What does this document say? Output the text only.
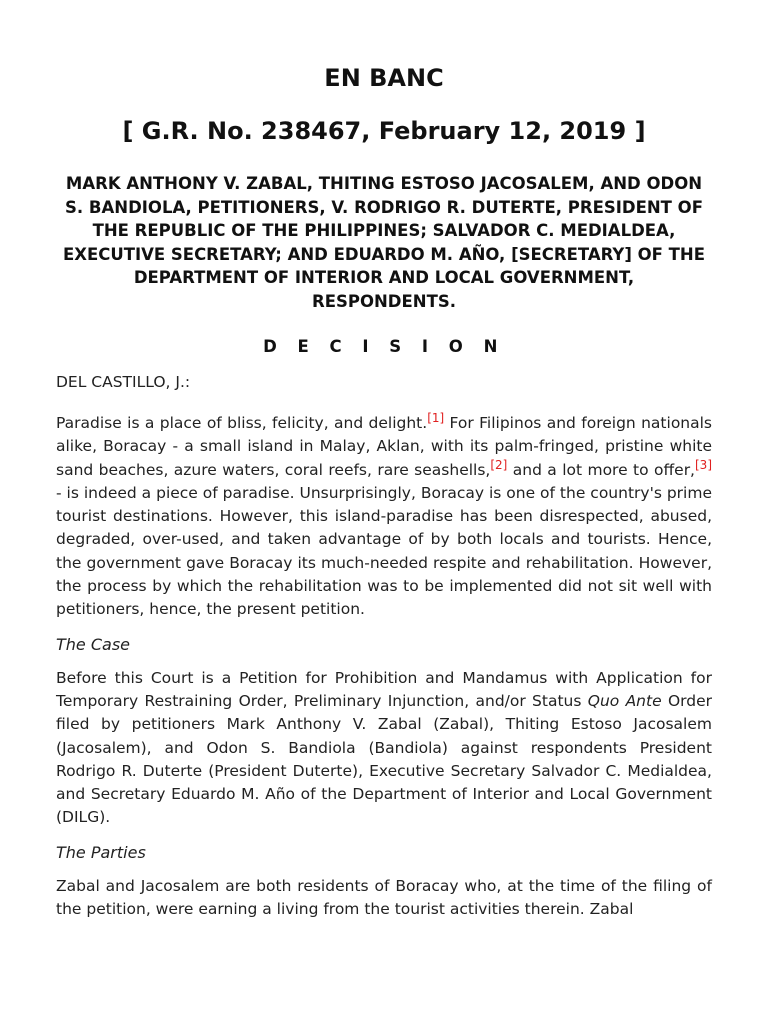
EN BANC
[ G.R. No. 238467, February 12, 2019 ]
MARK ANTHONY V. ZABAL, THITING ESTOSO JACOSALEM, AND ODON S. BANDIOLA, PETITIONERS, V. RODRIGO R. DUTERTE, PRESIDENT OF THE REPUBLIC OF THE PHILIPPINES; SALVADOR C. MEDIALDEA, EXECUTIVE SECRETARY; AND EDUARDO M. AÑO, [SECRETARY] OF THE DEPARTMENT OF INTERIOR AND LOCAL GOVERNMENT, RESPONDENTS.
D E C I S I O N
DEL CASTILLO, J.:

Paradise is a place of bliss, felicity, and delight.[1] For Filipinos and foreign nationals alike, Boracay - a small island in Malay, Aklan, with its palm-fringed, pristine white sand beaches, azure waters, coral reefs, rare seashells,[2] and a lot more to offer,[3] - is indeed a piece of paradise. Unsurprisingly, Boracay is one of the country's prime tourist destinations. However, this island-paradise has been disrespected, abused, degraded, over-used, and taken advantage of by both locals and tourists. Hence, the government gave Boracay its much-needed respite and rehabilitation. However, the process by which the rehabilitation was to be implemented did not sit well with petitioners, hence, the present petition.

The Case

Before this Court is a Petition for Prohibition and Mandamus with Application for Temporary Restraining Order, Preliminary Injunction, and/or Status Quo Ante Order filed by petitioners Mark Anthony V. Zabal (Zabal), Thiting Estoso Jacosalem (Jacosalem), and Odon S. Bandiola (Bandiola) against respondents President Rodrigo R. Duterte (President Duterte), Executive Secretary Salvador C. Medialdea, and Secretary Eduardo M. Año of the Department of Interior and Local Government (DILG).

The Parties

Zabal and Jacosalem are both residents of Boracay who, at the time of the filing of the petition, were earning a living from the tourist activities therein. Zabal
